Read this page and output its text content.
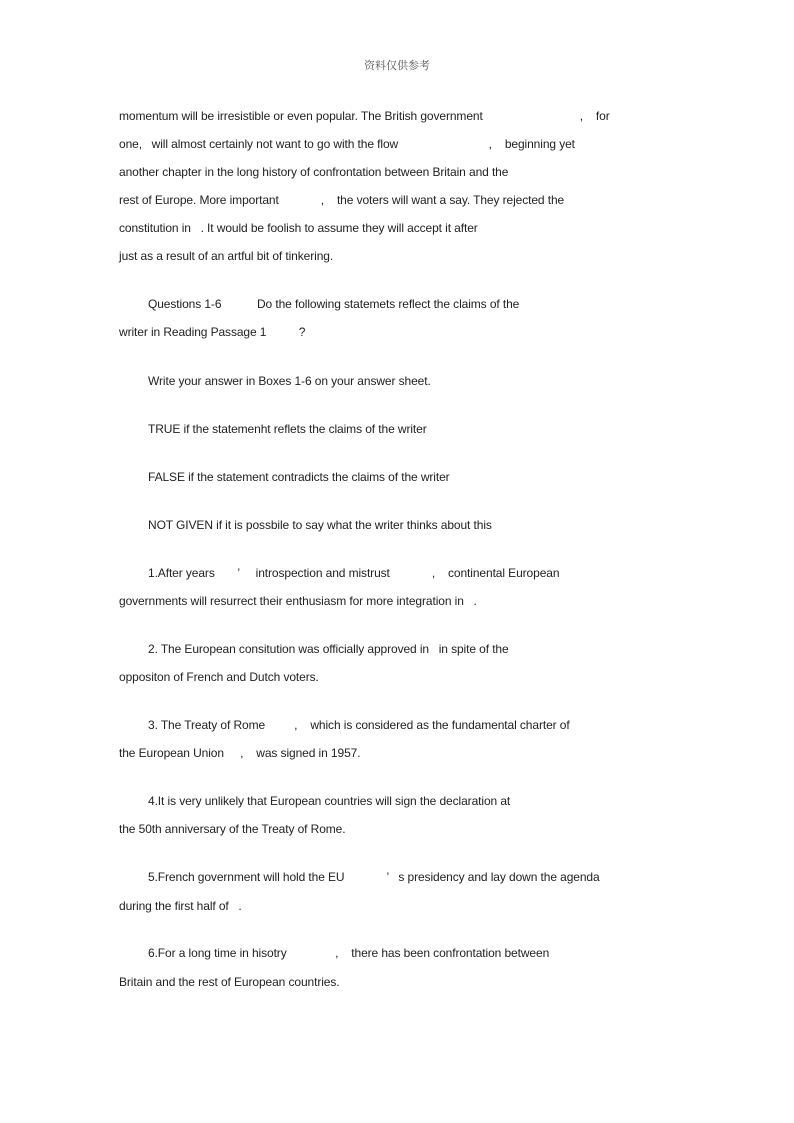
资料仅供参考
momentum will be irresistible or even popular. The British government                              ,    for
one,   will almost certainly not want to go with the flow                            ,    beginning yet
another chapter in the long history of confrontation between Britain and the
rest of Europe. More important             ,    the voters will want a say. They rejected the
constitution in   . It would be foolish to assume they will accept it after
just as a result of an artful bit of tinkering.
Questions 1-6           Do the following statemets reflect the claims of the
writer in Reading Passage 1          ?
Write your answer in Boxes 1-6 on your answer sheet.
TRUE if the statemenht reflets the claims of the writer
FALSE if the statement contradicts the claims of the writer
NOT GIVEN if it is possbile to say what the writer thinks about this
1.After years       ’     introspection and mistrust             ,    continental European
governments will resurrect their enthusiasm for more integration in   .
2. The European consitution was officially approved in   in spite of the
oppositon of French and Dutch voters.
3. The Treaty of Rome         ,    which is considered as the fundamental charter of
the European Union     ,    was signed in 1957.
4.It is very unlikely that European countries will sign the declaration at
the 50th anniversary of the Treaty of Rome.
5.French government will hold the EU             ’   s presidency and lay down the agenda
during the first half of   .
6.For a long time in hisotry               ,    there has been confrontation between
Britain and the rest of European countries.
